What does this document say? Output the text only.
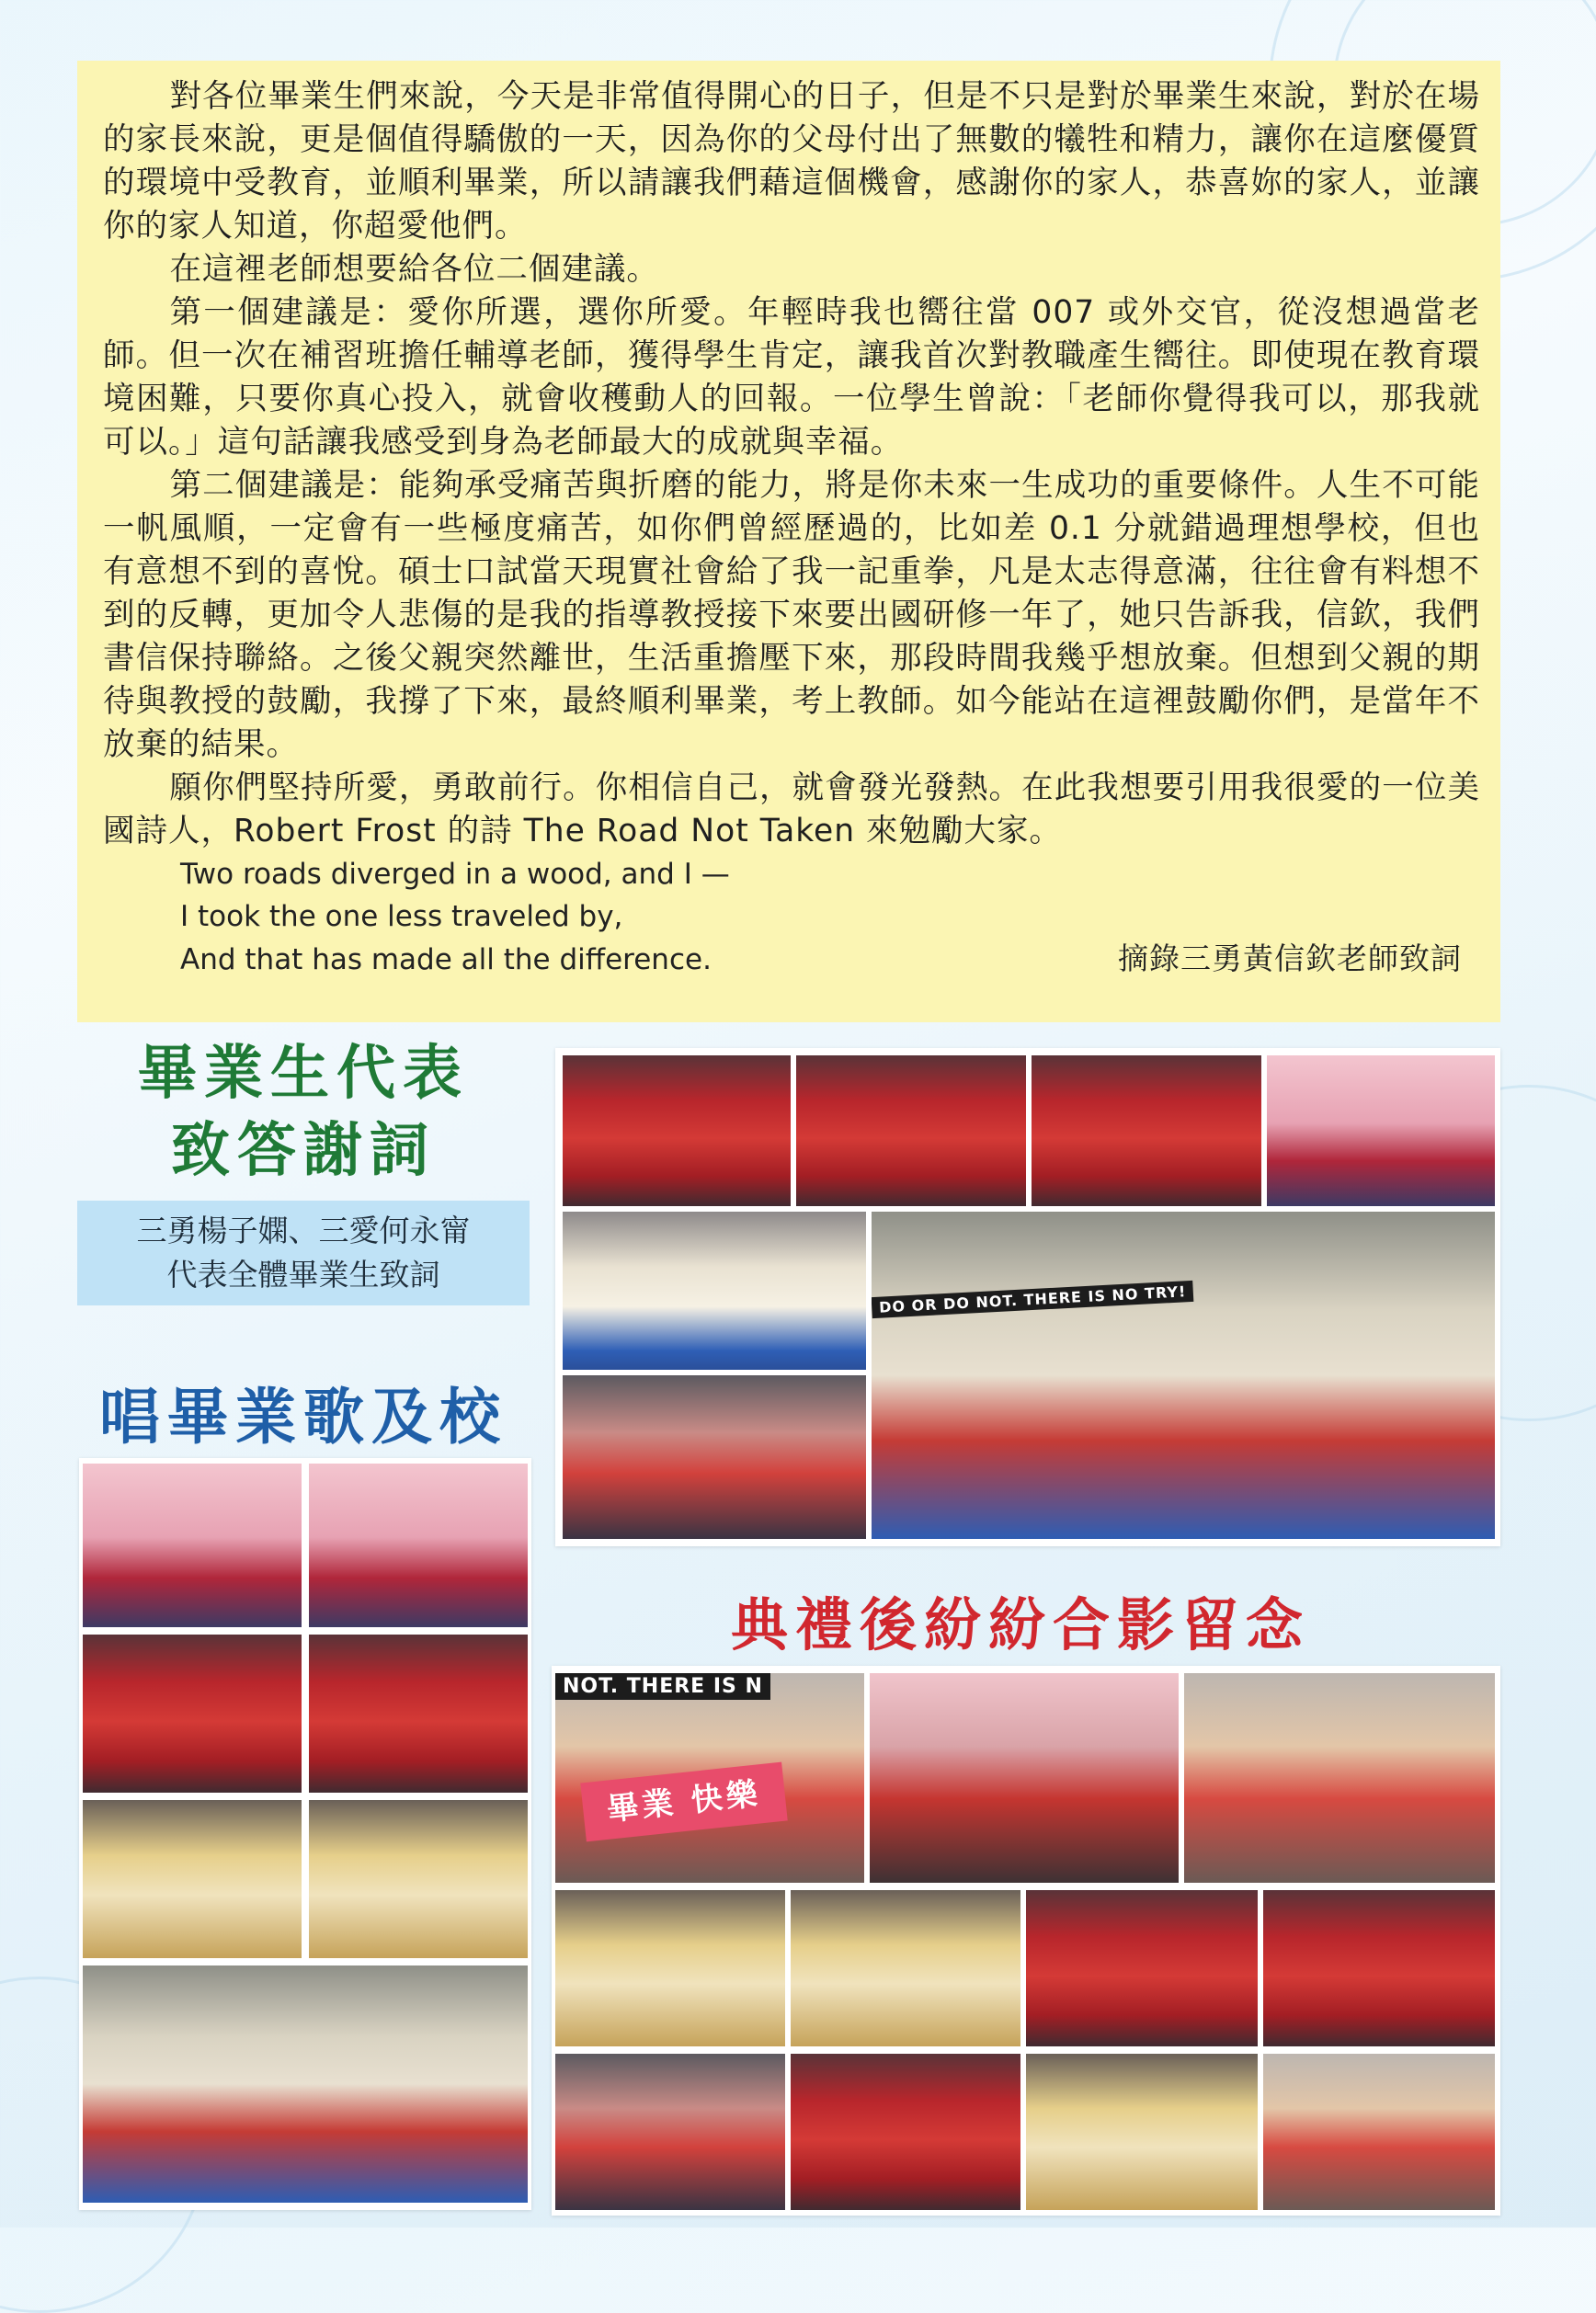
對各位畢業生們來說，今天是非常值得開心的日子，但是不只是對於畢業生來說，對於在場的家長來說，更是個值得驕傲的一天，因為你的父母付出了無數的犧牲和精力，讓你在這麼優質的環境中受教育，並順利畢業，所以請讓我們藉這個機會，感謝你的家人，恭喜妳的家人，並讓你的家人知道，你超愛他們。

在這裡老師想要給各位二個建議。

第一個建議是：愛你所選，選你所愛。年輕時我也嚮往當 007 或外交官，從沒想過當老師。但一次在補習班擔任輔導老師，獲得學生肯定，讓我首次對教職產生嚮往。即使現在教育環境困難，只要你真心投入，就會收穫動人的回報。一位學生曾說：「老師你覺得我可以，那我就可以。」這句話讓我感受到身為老師最大的成就與幸福。

第二個建議是：能夠承受痛苦與折磨的能力，將是你未來一生成功的重要條件。人生不可能一帆風順，一定會有一些極度痛苦，如你們曾經歷過的，比如差 0.1 分就錯過理想學校，但也有意想不到的喜悅。碩士口試當天現實社會給了我一記重拳，凡是太志得意滿，往往會有料想不到的反轉，更加令人悲傷的是我的指導教授接下來要出國研修一年了，她只告訴我，信欽，我們書信保持聯絡。之後父親突然離世，生活重擔壓下來，那段時間我幾乎想放棄。但想到父親的期待與教授的鼓勵，我撐了下來，最終順利畢業，考上教師。如今能站在這裡鼓勵你們，是當年不放棄的結果。

願你們堅持所愛，勇敢前行。你相信自己，就會發光發熱。在此我想要引用我很愛的一位美國詩人，Robert Frost 的詩 The Road Not Taken 來勉勵大家。

Two roads diverged in a wood, and I —
I took the one less traveled by,
And that has made all the difference.	摘錄三勇黃信欽老師致詞
畢業生代表
致答謝詞
三勇楊子嫻、三愛何永甯
代表全體畢業生致詞
唱畢業歌及校
典禮後紛紛合影留念
DO OR DO NOT. THERE IS NO TRY!
NOT. THERE IS N
畢業 快樂
